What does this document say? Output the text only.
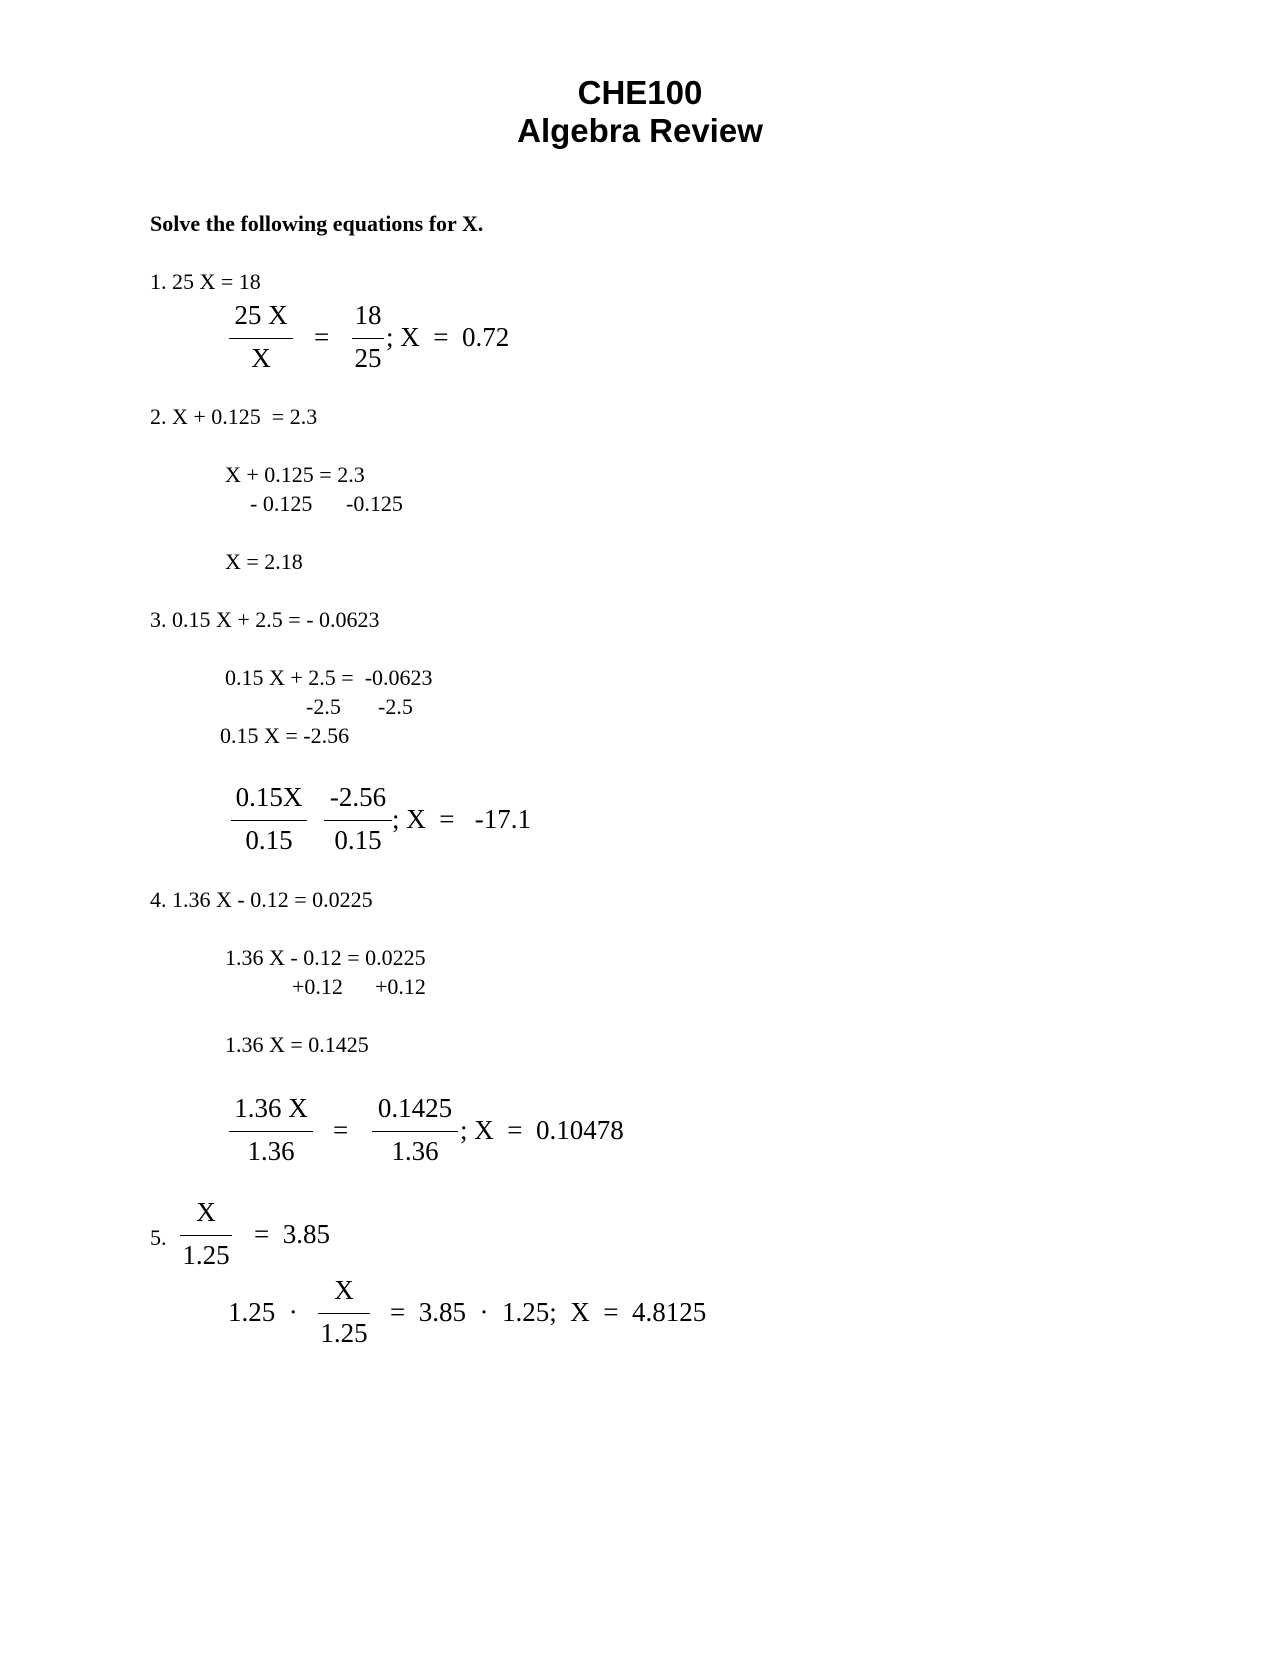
CHE100
Algebra Review
Solve the following equations for X.
1. 25 X = 18
25 X
X
=
18
25
; X  =  0.72
2. X + 0.125  = 2.3
X + 0.125 = 2.3
- 0.125 -0.125
X = 2.18
3. 0.15 X + 2.5 = - 0.0623
0.15 X + 2.5 =  -0.0623
-2.5 -2.5
0.15 X = -2.56
0.15X
0.15
-2.56
0.15
; X  =   -17.1
4. 1.36 X - 0.12 = 0.0225
1.36 X - 0.12 = 0.0225
+0.12 +0.12
1.36 X = 0.1425
1.36 X
1.36
=
0.1425
1.36
; X  =  0.10478
5.
X
1.25
=  3.85
1.25  ·
X
1.25
=  3.85  ·  1.25;  X  =  4.8125
